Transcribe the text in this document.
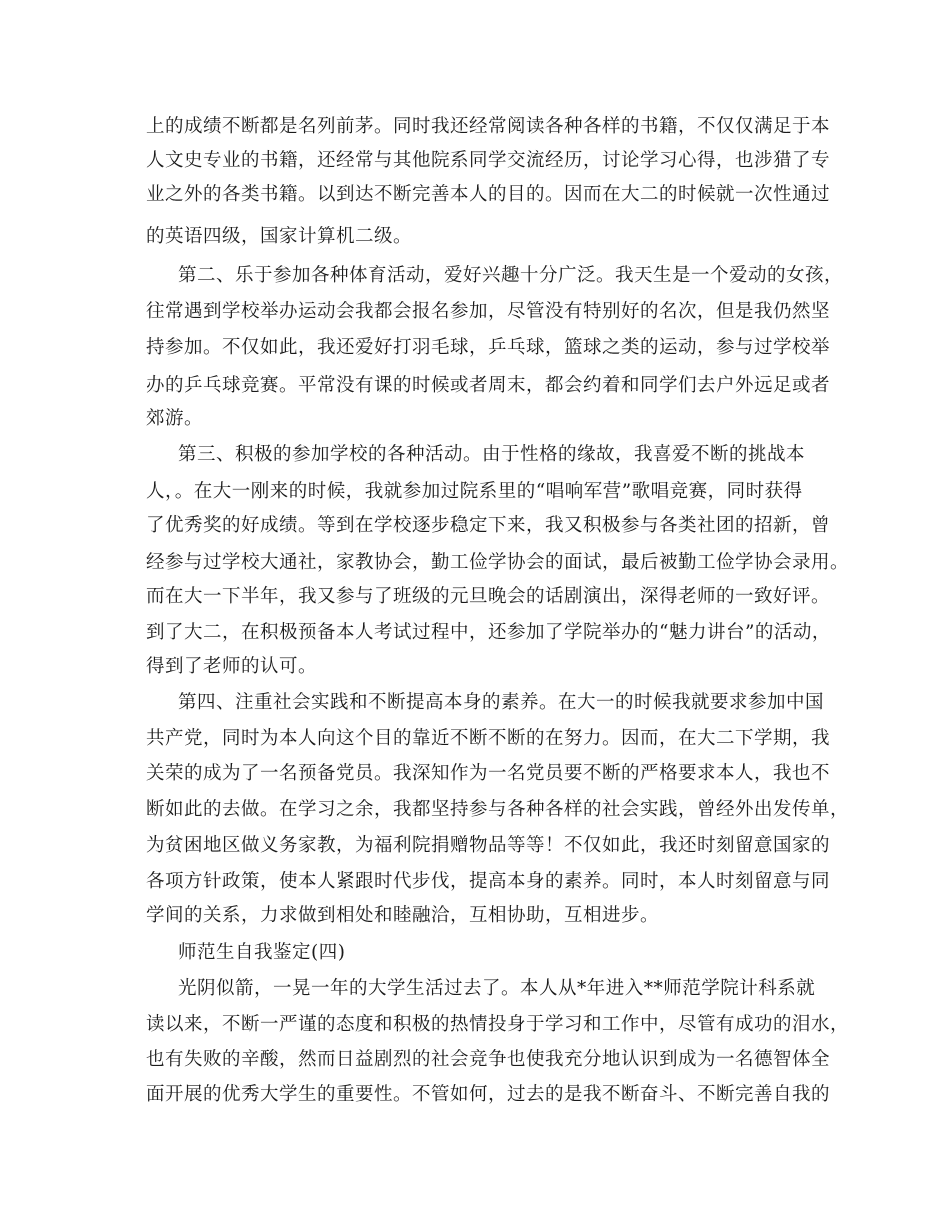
上的成绩不断都是名列前茅。同时我还经常阅读各种各样的书籍，不仅仅满足于本
人文史专业的书籍，还经常与其他院系同学交流经历，讨论学习心得，也涉猎了专
业之外的各类书籍。以到达不断完善本人的目的。因而在大二的时候就一次性通过
的英语四级，国家计算机二级。
第二、乐于参加各种体育活动，爱好兴趣十分广泛。我天生是一个爱动的女孩，
往常遇到学校举办运动会我都会报名参加，尽管没有特别好的名次，但是我仍然坚
持参加。不仅如此，我还爱好打羽毛球，乒乓球，篮球之类的运动，参与过学校举
办的乒乓球竞赛。平常没有课的时候或者周末，都会约着和同学们去户外远足或者
郊游。
第三、积极的参加学校的各种活动。由于性格的缘故，我喜爱不断的挑战本
人，。在大一刚来的时候，我就参加过院系里的“唱响军营”歌唱竞赛，同时获得
了优秀奖的好成绩。等到在学校逐步稳定下来，我又积极参与各类社团的招新，曾
经参与过学校大通社，家教协会，勤工俭学协会的面试，最后被勤工俭学协会录用。
而在大一下半年，我又参与了班级的元旦晚会的话剧演出，深得老师的一致好评。
到了大二，在积极预备本人考试过程中，还参加了学院举办的“魅力讲台”的活动，
得到了老师的认可。
第四、注重社会实践和不断提高本身的素养。在大一的时候我就要求参加中国
共产党，同时为本人向这个目的靠近不断不断的在努力。因而，在大二下学期，我
关荣的成为了一名预备党员。我深知作为一名党员要不断的严格要求本人，我也不
断如此的去做。在学习之余，我都坚持参与各种各样的社会实践，曾经外出发传单，
为贫困地区做义务家教，为福利院捐赠物品等等！不仅如此，我还时刻留意国家的
各项方针政策，使本人紧跟时代步伐，提高本身的素养。同时，本人时刻留意与同
学间的关系，力求做到相处和睦融洽，互相协助，互相进步。
师范生自我鉴定(四)
光阴似箭，一晃一年的大学生活过去了。本人从*年进入**师范学院计科系就
读以来，不断一严谨的态度和积极的热情投身于学习和工作中，尽管有成功的泪水，
也有失败的辛酸，然而日益剧烈的社会竞争也使我充分地认识到成为一名德智体全
面开展的优秀大学生的重要性。不管如何，过去的是我不断奋斗、不断完善自我的
